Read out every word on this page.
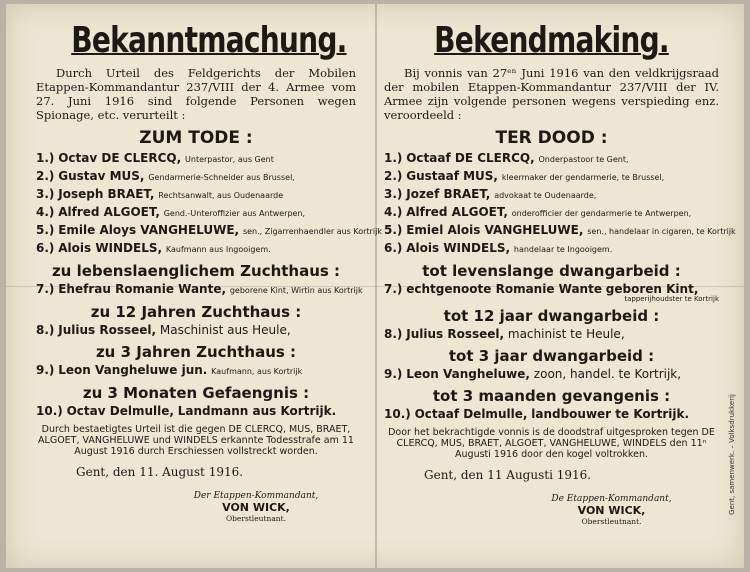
Bekanntmachung.
Durch Urteil des Feldgerichts der Mobilen Etappen-Kommandantur 237/VIII der 4. Armee vom 27. Juni 1916 sind folgende Personen wegen Spionage, etc. verurteilt :
ZUM TODE :
1.) Octav DE CLERCQ, Unterpastor, aus Gent
2.) Gustav MUS, Gendarmerie-Schneider aus Brussel,
3.) Joseph BRAET, Rechtsanwalt, aus Oudenaarde
4.) Alfred ALGOET, Gend.-Unteroffizier aus Antwerpen,
5.) Emile Aloys VANGHELUWE, sen., Zigarrenhaendler aus Kortrijk
6.) Alois WINDELS, Kaufmann aus Ingooigem.
zu lebenslaenglichem Zuchthaus :
7.) Ehefrau Romanie Wante, geborene Kint, Wirtin aus Kortrijk
zu 12 Jahren Zuchthaus :
8.) Julius Rosseel, Maschinist aus Heule,
zu 3 Jahren Zuchthaus :
9.) Leon Vangheluwe jun. Kaufmann, aus Kortrijk
zu 3 Monaten Gefaengnis :
10.) Octav Delmulle, Landmann aus Kortrijk.
Durch bestaetigtes Urteil ist die gegen DE CLERCQ, MUS, BRAET, ALGOET, VANGHELUWE und WINDELS erkannte Todesstrafe am 11 August 1916 durch Erschiessen vollstreckt worden.
Gent, den 11. August 1916.
Der Etappen-Kommandant,
VON WICK,
Oberstleutnant.
Bekendmaking.
Bij vonnis van 27ᵉⁿ Juni 1916 van den veldkrijgsraad der mobilen Etappen-Kommandantur 237/VIII der IV. Armee zijn volgende personen wegens verspieding enz. veroordeeld :
TER DOOD :
1.) Octaaf DE CLERCQ, Onderpastoor te Gent,
2.) Gustaaf MUS, kleermaker der gendarmerie, te Brussel,
3.) Jozef BRAET, advokaat te Oudenaarde,
4.) Alfred ALGOET, onderofficier der gendarmerie te Antwerpen,
5.) Emiel Alois VANGHELUWE, sen., handelaar in cigaren, te Kortrijk
6.) Alois WINDELS, handelaar te Ingooigem.
tot levenslange dwangarbeid :
7.) echtgenoote Romanie Wante geboren Kint,
tapperijhoudster te Kortrijk
tot 12 jaar dwangarbeid :
8.) Julius Rosseel, machinist te Heule,
tot 3 jaar dwangarbeid :
9.) Leon Vangheluwe, zoon, handel. te Kortrijk,
tot 3 maanden gevangenis :
10.) Octaaf Delmulle, landbouwer te Kortrijk.
Door het bekrachtigde vonnis is de doodstraf uitgesproken tegen DE CLERCQ, MUS, BRAET, ALGOET, VANGHELUWE, WINDELS den 11ⁿ Augusti 1916 door den kogel voltrokken.
Gent, den 11 Augusti 1916.
De Etappen-Kommandant,
VON WICK,
Oberstleutnant.
Gent, samenwerk. – Volksdrukkerij
